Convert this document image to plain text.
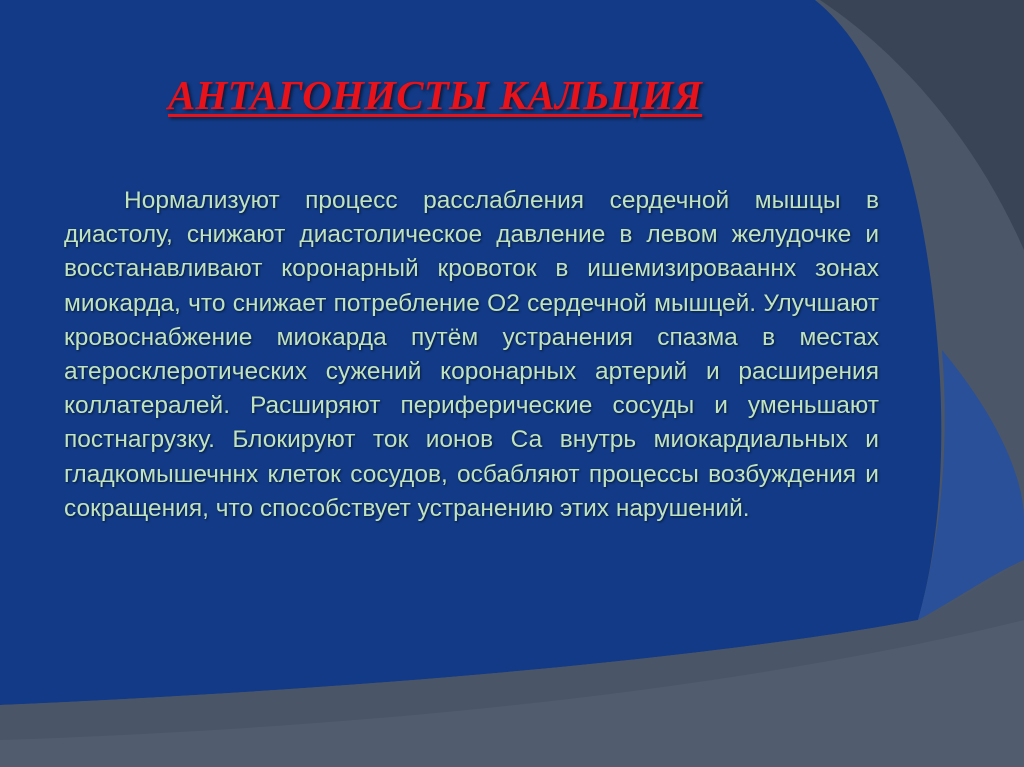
АНТАГОНИСТЫ КАЛЬЦИЯ

Нормализуют процесс расслабления сердечной мышцы в диастолу, снижают диастолическое давление в левом желудочке и восстанавливают коронарный кровоток в ишемизировааннх зонах миокарда, что снижает потребление О2 сердечной мышцей. Улучшают кровоснабжение миокарда путём устранения спазма в местах атеросклеротических сужений коронарных артерий и расширения коллатералей. Расширяют периферические сосуды и уменьшают постнагрузку. Блокируют ток ионов Са внутрь миокардиальных и гладкомышечннх клеток сосудов, осбабляют процессы возбуждения и сокращения, что способствует устранению этих нарушений.
